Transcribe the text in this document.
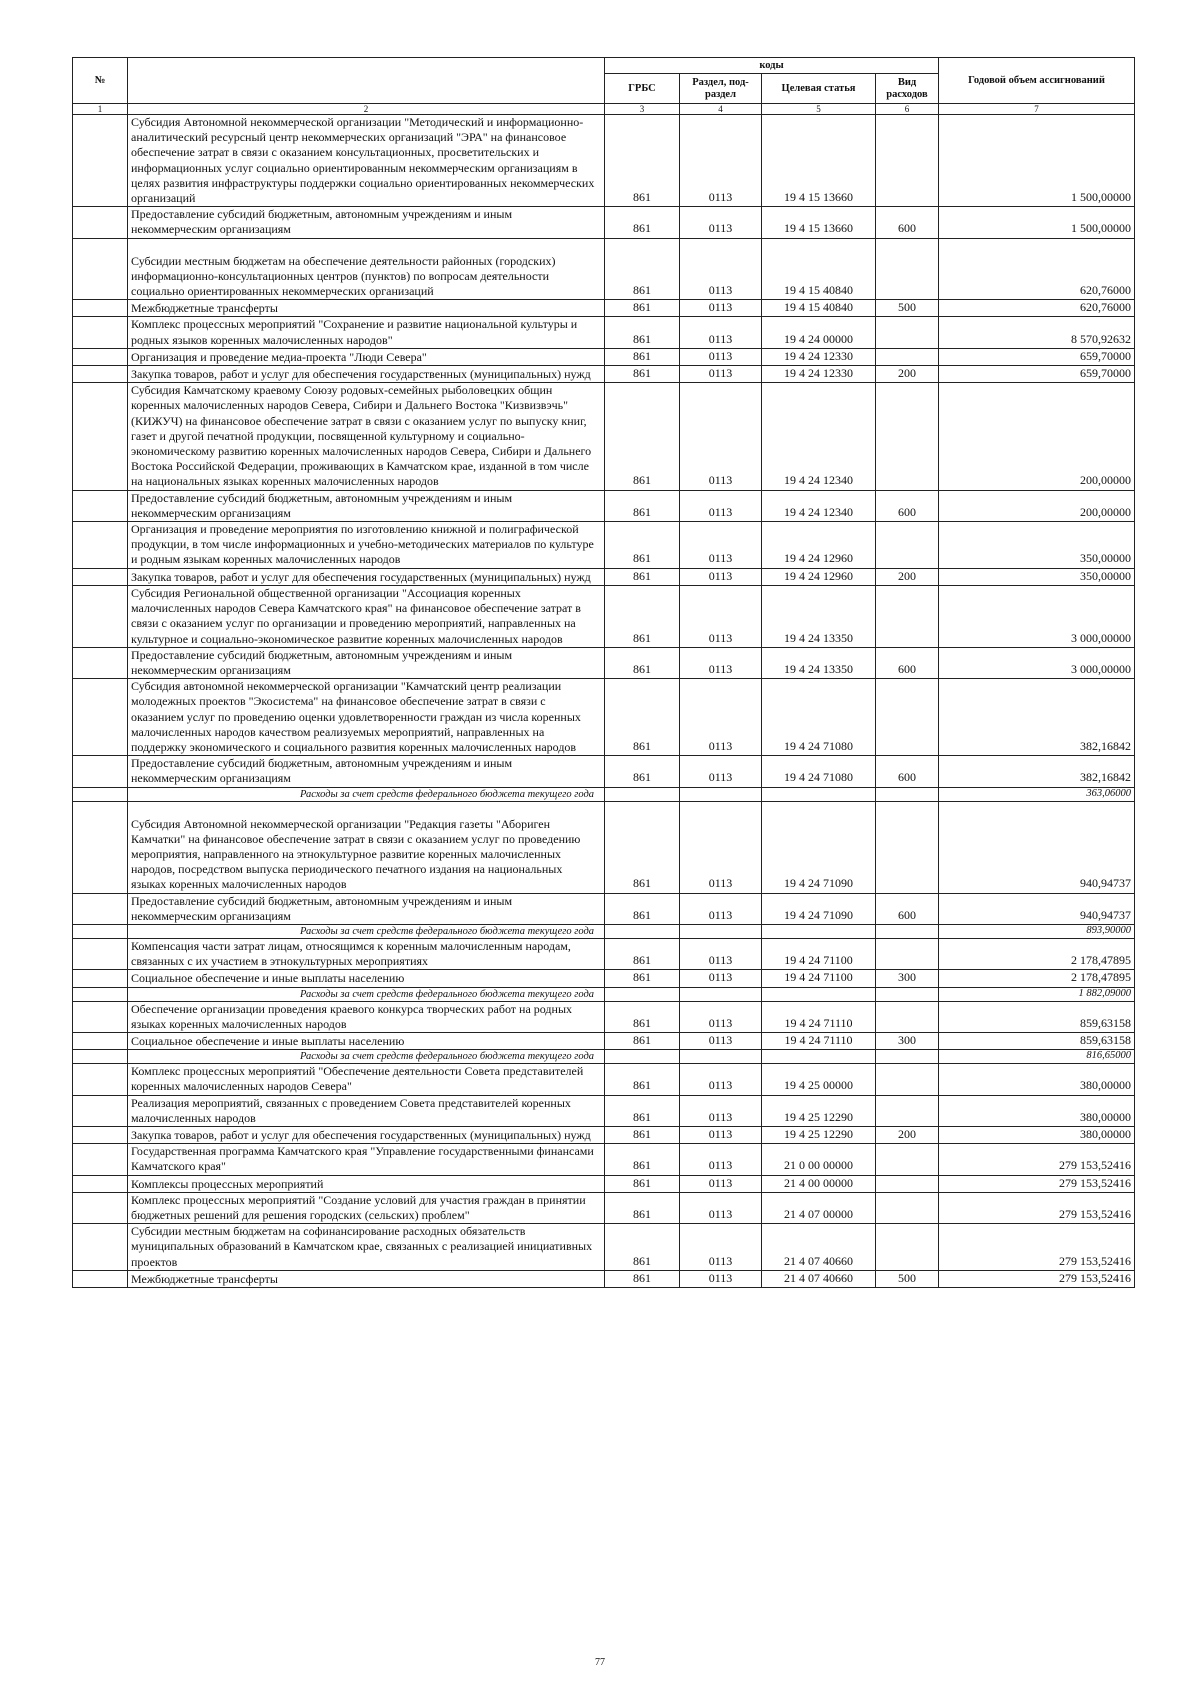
№		коды				Годовой объем ассигнований
		ГРБС	Раздел, под-раздел	Целевая статья	Вид расходов	
1	2	3	4	5	6	7
	Субсидия Автономной некоммерческой организации "Методический и информационно-аналитический ресурсный центр некоммерческих организаций "ЭРА" на финансовое обеспечение затрат в связи с оказанием консультационных, просветительских и информационных услуг социально ориентированным некоммерческим организациям в целях развития инфраструктуры поддержки социально ориентированных некоммерческих организаций	861	0113	19 4 15 13660		1 500,00000
	Предоставление субсидий бюджетным, автономным учреждениям и иным некоммерческим организациям	861	0113	19 4 15 13660	600	1 500,00000
	Субсидии местным бюджетам на обеспечение деятельности районных (городских) информационно-консультационных центров (пунктов) по вопросам деятельности социально ориентированных некоммерческих организаций	861	0113	19 4 15 40840		620,76000
	Межбюджетные трансферты	861	0113	19 4 15 40840	500	620,76000
	Комплекс процессных мероприятий "Сохранение и развитие национальной культуры и родных языков коренных малочисленных народов"	861	0113	19 4 24 00000		8 570,92632
	Организация и проведение медиа-проекта "Люди Севера"	861	0113	19 4 24 12330		659,70000
	Закупка товаров, работ и услуг для обеспечения государственных (муниципальных) нужд	861	0113	19 4 24 12330	200	659,70000
	Субсидия Камчатскому краевому Союзу родовых-семейных рыболовецких общин коренных малочисленных народов Севера, Сибири и Дальнего Востока "Кизвизвэчь" (КИЖУЧ) на финансовое обеспечение затрат в связи с оказанием услуг по выпуску книг, газет и другой печатной продукции, посвященной культурному и социально-экономическому развитию коренных малочисленных народов Севера, Сибири и Дальнего Востока Российской Федерации, проживающих в Камчатском крае, изданной в том числе на национальных языках коренных малочисленных народов	861	0113	19 4 24 12340		200,00000
	Предоставление субсидий бюджетным, автономным учреждениям и иным некоммерческим организациям	861	0113	19 4 24 12340	600	200,00000
	Организация и проведение мероприятия по изготовлению книжной и полиграфической продукции, в том числе информационных и учебно-методических материалов по культуре и родным языкам коренных малочисленных народов	861	0113	19 4 24 12960		350,00000
	Закупка товаров, работ и услуг для обеспечения государственных (муниципальных) нужд	861	0113	19 4 24 12960	200	350,00000
	Субсидия Региональной общественной организации "Ассоциация коренных малочисленных народов Севера Камчатского края" на финансовое обеспечение затрат в связи с оказанием услуг по организации и проведению мероприятий, направленных на культурное и социально-экономическое развитие коренных малочисленных народов	861	0113	19 4 24 13350		3 000,00000
	Предоставление субсидий бюджетным, автономным учреждениям и иным некоммерческим организациям	861	0113	19 4 24 13350	600	3 000,00000
	Субсидия автономной некоммерческой организации "Камчатский центр реализации молодежных проектов "Экосистема" на финансовое обеспечение затрат в связи с оказанием услуг по проведению оценки удовлетворенности граждан из числа коренных малочисленных народов качеством реализуемых мероприятий, направленных на поддержку экономического и социального развития коренных малочисленных народов	861	0113	19 4 24 71080		382,16842
	Предоставление субсидий бюджетным, автономным учреждениям и иным некоммерческим организациям	861	0113	19 4 24 71080	600	382,16842
	Расходы за счет средств федерального бюджета текущего года					363,06000
	Субсидия Автономной некоммерческой организации "Редакция газеты "Абориген Камчатки" на финансовое обеспечение затрат в связи с оказанием услуг по проведению мероприятия, направленного на этнокультурное развитие коренных малочисленных народов, посредством выпуска периодического печатного издания на национальных языках коренных малочисленных народов	861	0113	19 4 24 71090		940,94737
	Предоставление субсидий бюджетным, автономным учреждениям и иным некоммерческим организациям	861	0113	19 4 24 71090	600	940,94737
	Расходы за счет средств федерального бюджета текущего года					893,90000
	Компенсация части затрат лицам, относящимся к коренным малочисленным народам, связанных с их участием в этнокультурных мероприятиях	861	0113	19 4 24 71100		2 178,47895
	Социальное обеспечение и иные выплаты населению	861	0113	19 4 24 71100	300	2 178,47895
	Расходы за счет средств федерального бюджета текущего года					1 882,09000
	Обеспечение организации проведения краевого конкурса творческих работ на родных языках коренных малочисленных народов	861	0113	19 4 24 71110		859,63158
	Социальное обеспечение и иные выплаты населению	861	0113	19 4 24 71110	300	859,63158
	Расходы за счет средств федерального бюджета текущего года					816,65000
	Комплекс процессных мероприятий "Обеспечение деятельности Совета представителей коренных малочисленных народов Севера"	861	0113	19 4 25 00000		380,00000
	Реализация мероприятий, связанных с проведением Совета представителей коренных малочисленных народов	861	0113	19 4 25 12290		380,00000
	Закупка товаров, работ и услуг для обеспечения государственных (муниципальных) нужд	861	0113	19 4 25 12290	200	380,00000
	Государственная программа Камчатского края "Управление государственными финансами Камчатского края"	861	0113	21 0 00 00000		279 153,52416
	Комплексы процессных мероприятий	861	0113	21 4 00 00000		279 153,52416
	Комплекс процессных мероприятий "Создание условий для участия граждан в принятии бюджетных решений для решения городских (сельских) проблем"	861	0113	21 4 07 00000		279 153,52416
	Субсидии местным бюджетам на софинансирование расходных обязательств муниципальных образований в Камчатском крае, связанных с реализацией инициативных проектов	861	0113	21 4 07 40660		279 153,52416
	Межбюджетные трансферты	861	0113	21 4 07 40660	500	279 153,52416
77
